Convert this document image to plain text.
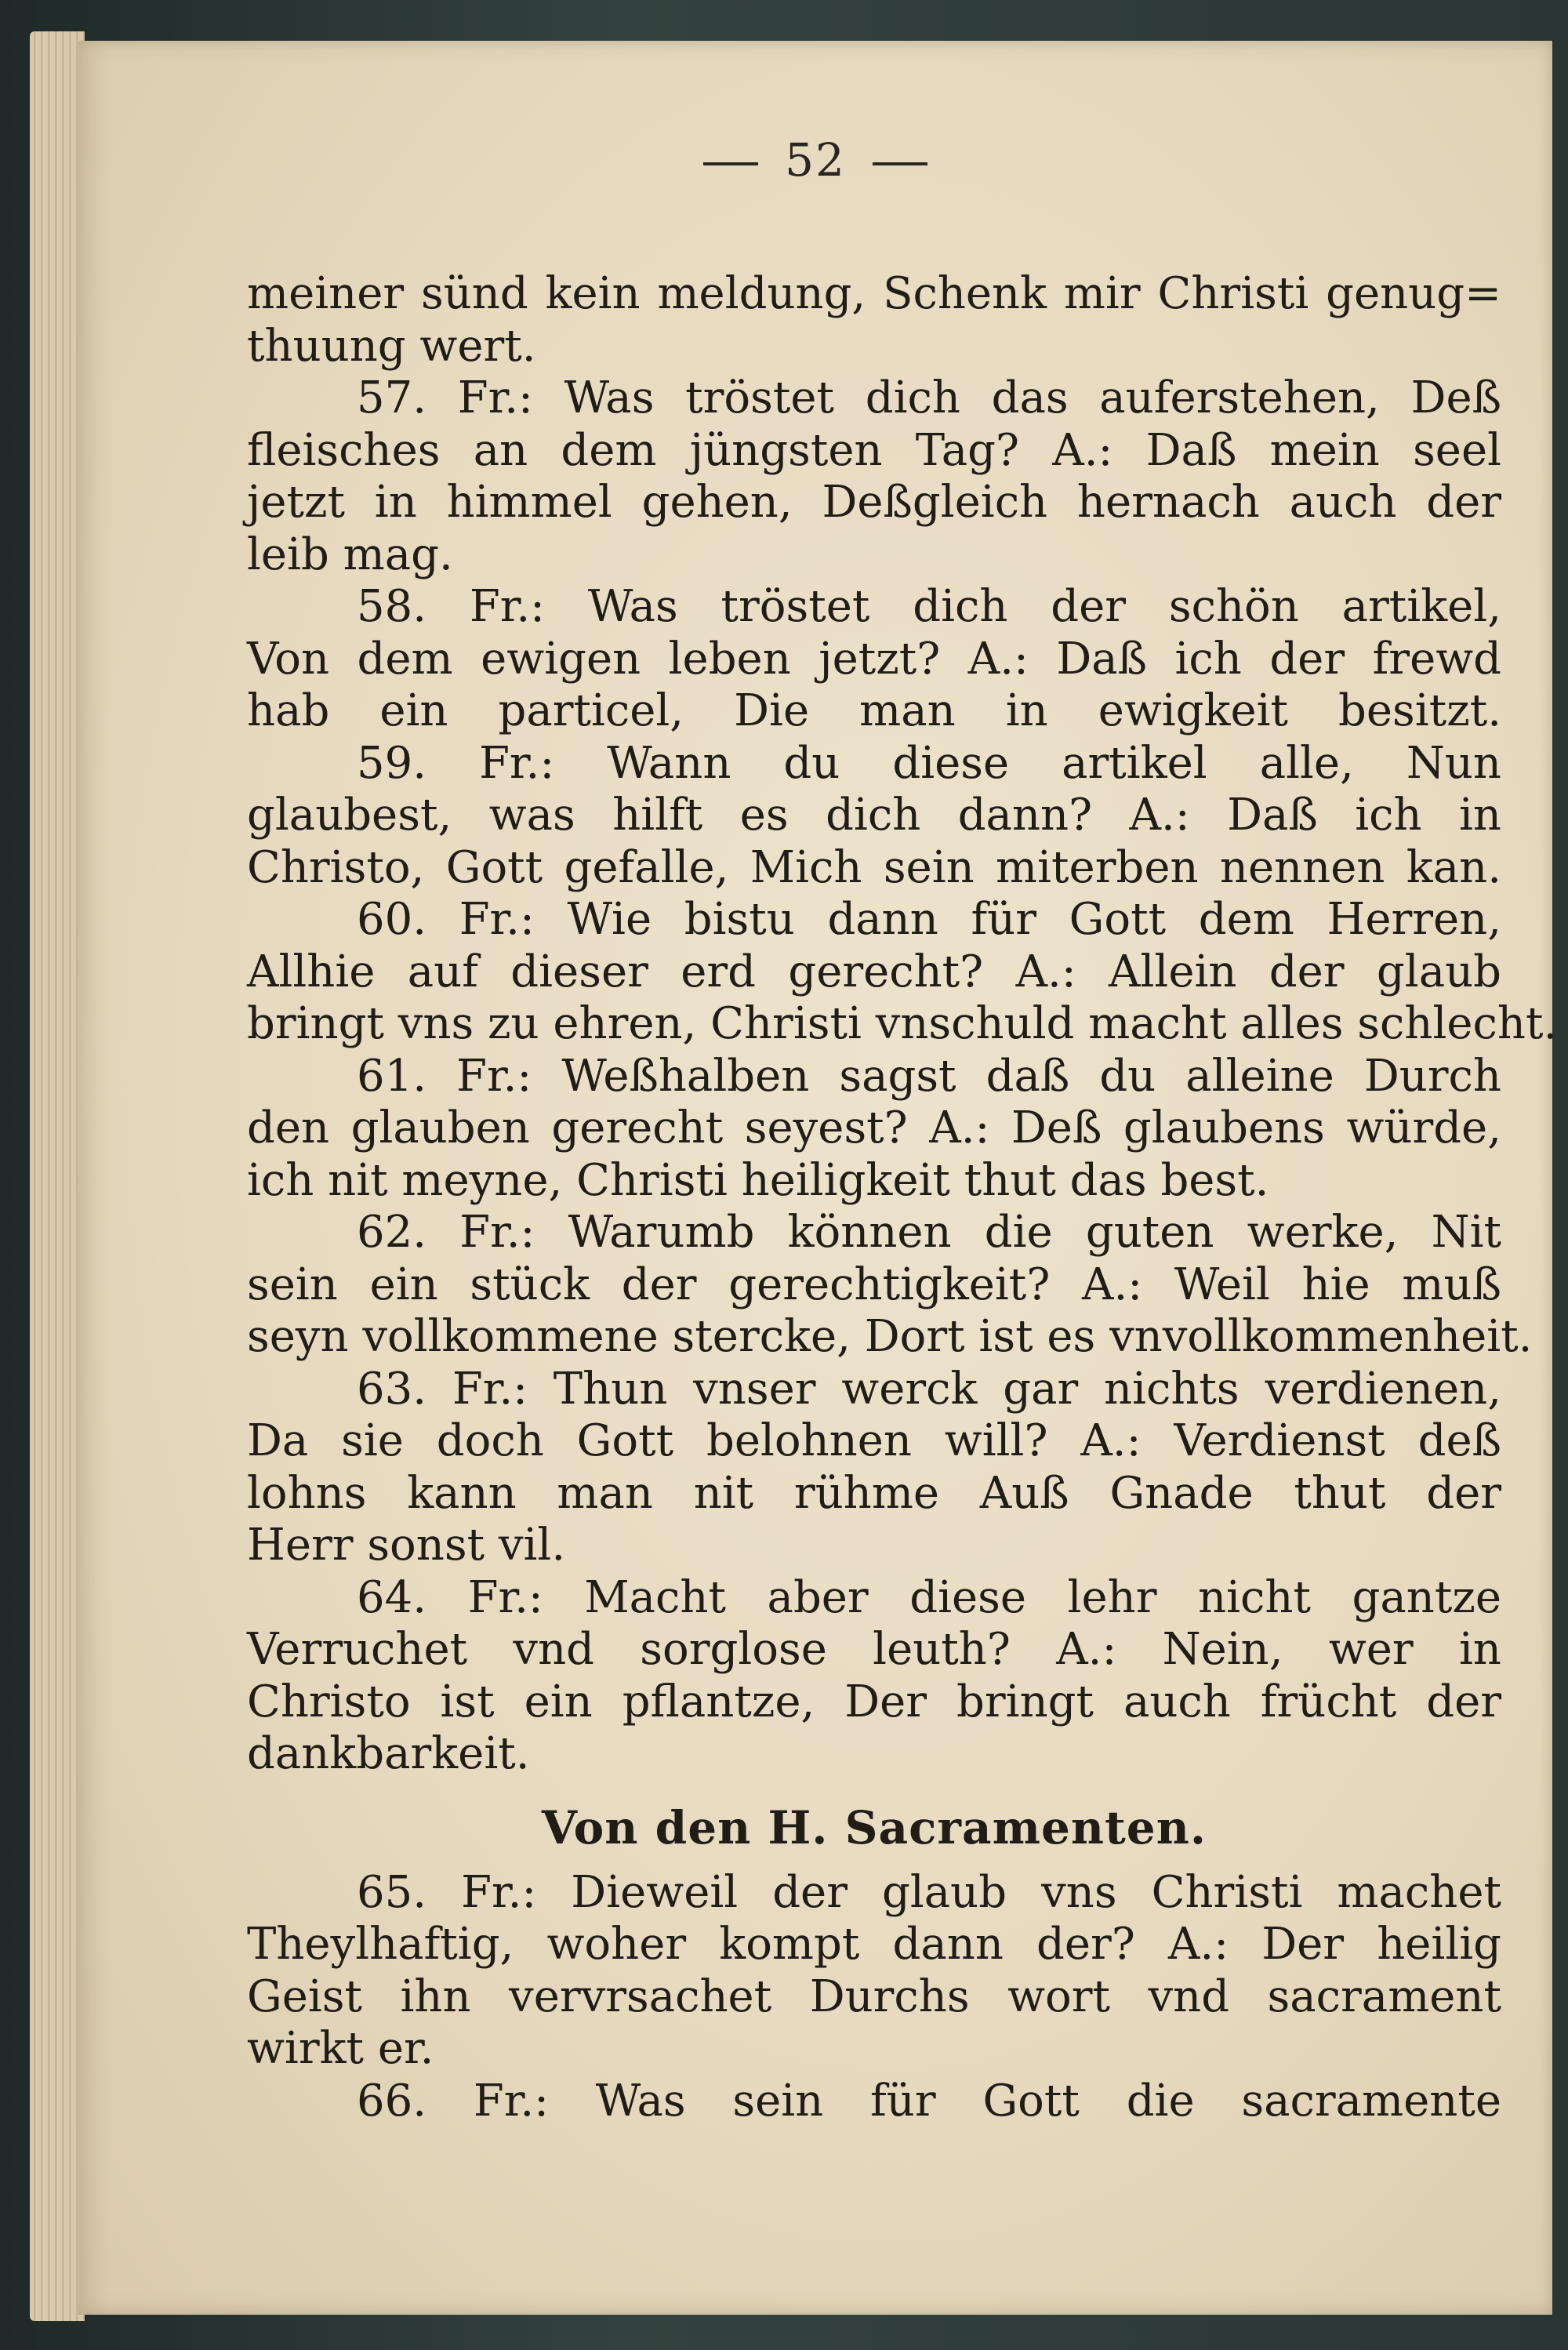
52
meiner sünd kein meldung, Schenk mir Christi genug=
thuung wert.
57. Fr.: Was tröstet dich das auferstehen, Deß
fleisches an dem jüngsten Tag? A.: Daß mein seel
jetzt in himmel gehen, Deßgleich hernach auch der
leib mag.
58. Fr.: Was tröstet dich der schön artikel,
Von dem ewigen leben jetzt? A.: Daß ich der frewd
hab ein particel, Die man in ewigkeit besitzt.
59. Fr.: Wann du diese artikel alle, Nun
glaubest, was hilft es dich dann? A.: Daß ich in
Christo, Gott gefalle, Mich sein miterben nennen kan.
60. Fr.: Wie bistu dann für Gott dem Herren,
Allhie auf dieser erd gerecht? A.: Allein der glaub
bringt vns zu ehren, Christi vnschuld macht alles schlecht.
61. Fr.: Weßhalben sagst daß du alleine Durch
den glauben gerecht seyest? A.: Deß glaubens würde,
ich nit meyne, Christi heiligkeit thut das best.
62. Fr.: Warumb können die guten werke, Nit
sein ein stück der gerechtigkeit? A.: Weil hie muß
seyn vollkommene stercke, Dort ist es vnvollkommenheit.
63. Fr.: Thun vnser werck gar nichts verdienen,
Da sie doch Gott belohnen will? A.: Verdienst deß
lohns kann man nit rühme Auß Gnade thut der
Herr sonst vil.
64. Fr.: Macht aber diese lehr nicht gantze
Verruchet vnd sorglose leuth? A.: Nein, wer in
Christo ist ein pflantze, Der bringt auch frücht der
dankbarkeit.
Von den H. Sacramenten.
65. Fr.: Dieweil der glaub vns Christi machet
Theylhaftig, woher kompt dann der? A.: Der heilig
Geist ihn vervrsachet Durchs wort vnd sacrament
wirkt er.
66. Fr.: Was sein für Gott die sacramente
